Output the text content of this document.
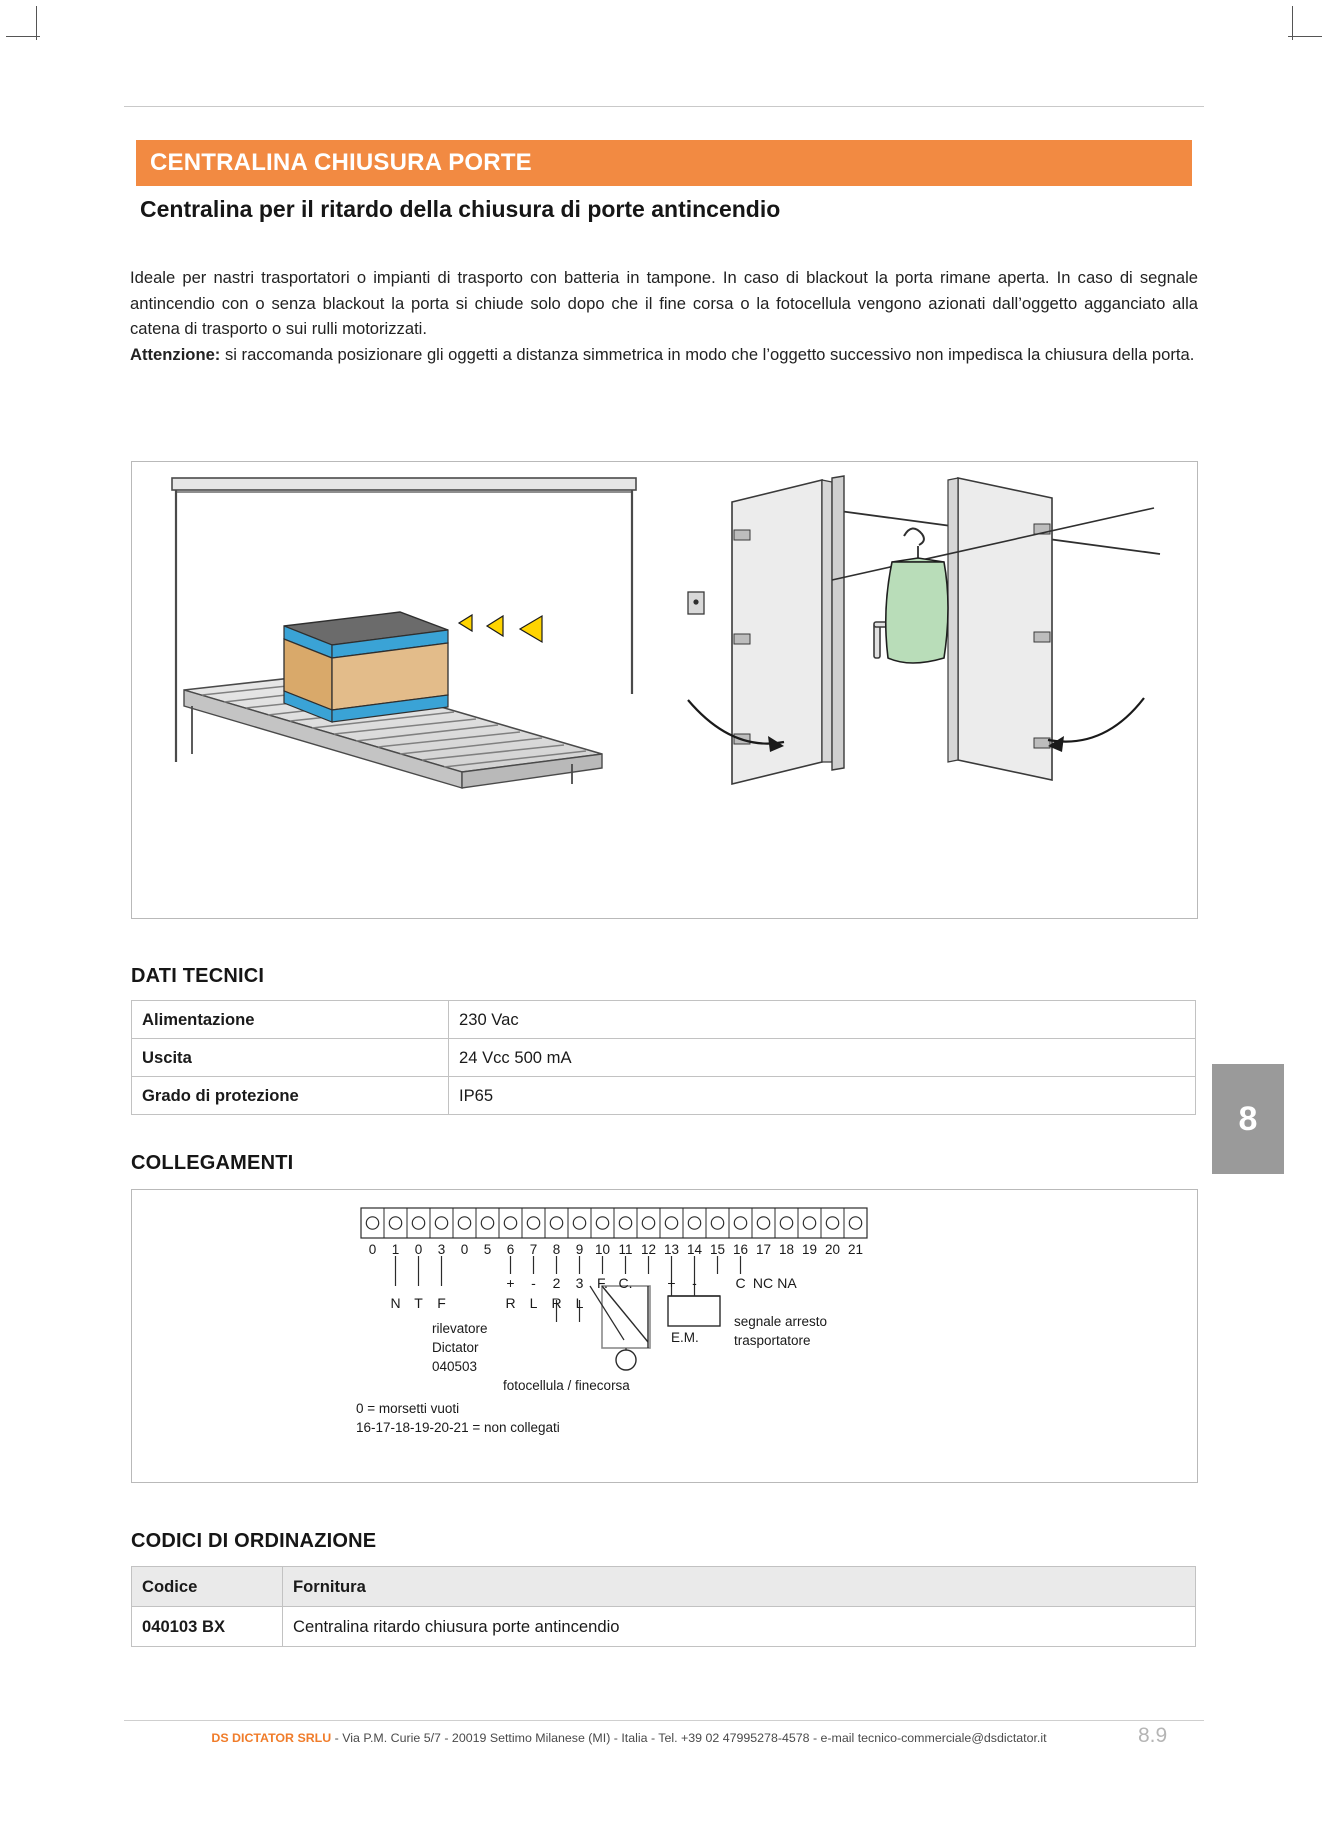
CENTRALINA CHIUSURA PORTE
Centralina per il ritardo della chiusura di porte antincendio

Ideale per nastri trasportatori o impianti di trasporto con batteria in tampone. In caso di blackout la porta rimane aperta. In caso di segnale antincendio con o senza blackout la porta si chiude solo dopo che il fine corsa o la fotocellula vengono azionati dall’oggetto agganciato alla catena di trasporto o sui rulli motorizzati.

Attenzione: si raccomanda posizionare gli oggetti a distanza simmetrica in modo che l’oggetto successivo non impedisca la chiusura della porta.

DATI TECNICI
Alimentazione	230 Vac
Uscita	24 Vcc 500 mA
Grado di protezione	IP65
COLLEGAMENTI
0	1	0	3	0	5	6	7	8	9 10 11 12 13 14 15 16 17 18 19 20 21
+	-	2	3 F. C.	+	-	C NC NA
N T	F	R	L	R	L
rilevatore
Dictator
040503
E.M.
fotocellula / finecorsa
segnale arresto
trasportatore
0 = morsetti vuoti
16-17-18-19-20-21 = non collegati
CODICI DI ORDINAZIONE
Codice	Fornitura
040103 BX	Centralina ritardo chiusura porte antincendio
8
DS DICTATOR SRLU - Via P.M. Curie 5/7 - 20019 Settimo Milanese (MI) - Italia - Tel. +39 02 47995278-4578 - e-mail tecnico-commerciale@dsdictator.it	8.9
